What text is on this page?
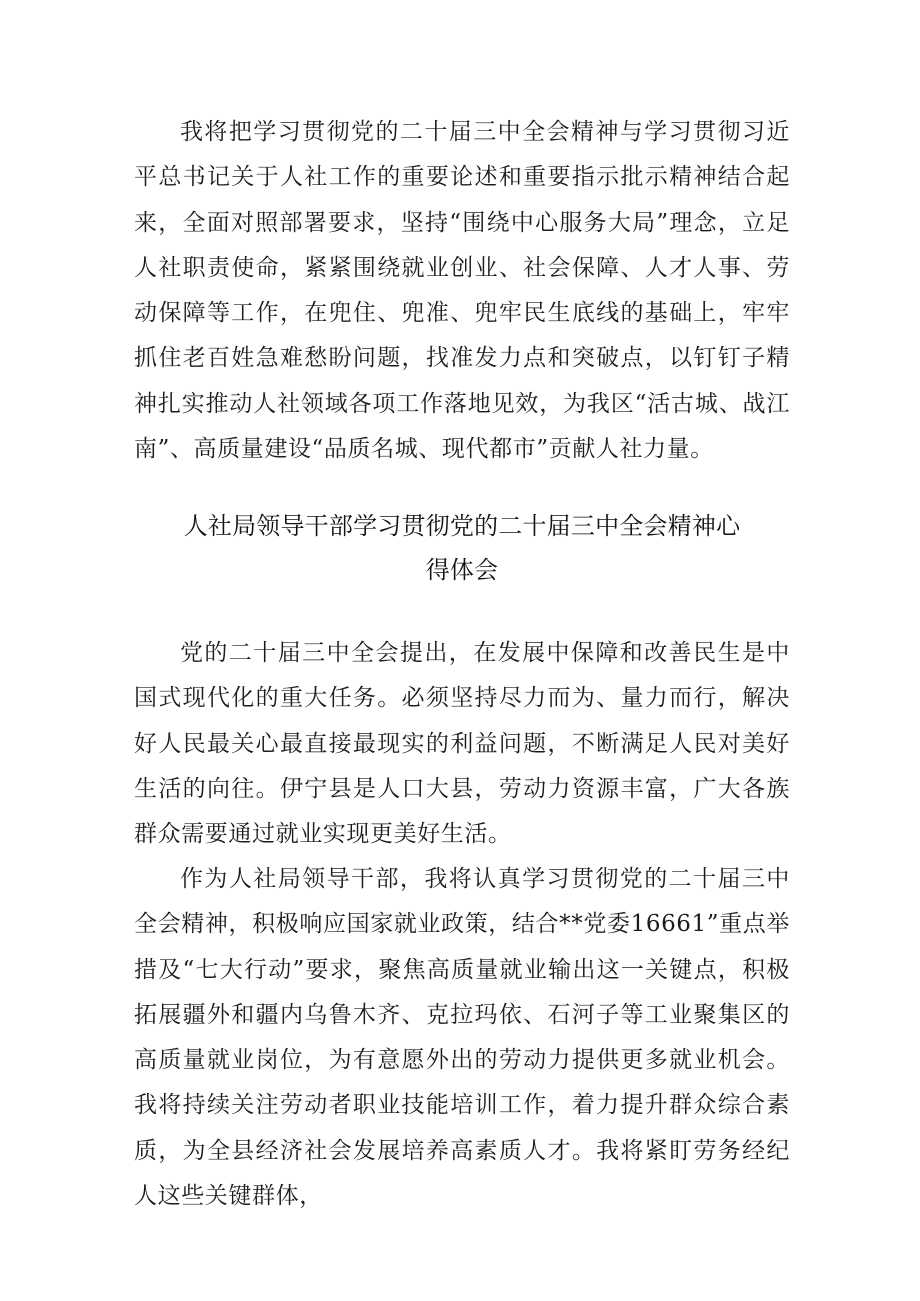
我将把学习贯彻党的二十届三中全会精神与学习贯彻习近平总书记关于人社工作的重要论述和重要指示批示精神结合起来，全面对照部署要求，坚持“围绕中心服务大局”理念，立足人社职责使命，紧紧围绕就业创业、社会保障、人才人事、劳动保障等工作，在兜住、兜准、兜牢民生底线的基础上，牢牢抓住老百姓急难愁盼问题，找准发力点和突破点，以钉钉子精神扎实推动人社领域各项工作落地见效，为我区“活古城、战江南”、高质量建设“品质名城、现代都市”贡献人社力量。

人社局领导干部学习贯彻党的二十届三中全会精神心
得体会

党的二十届三中全会提出，在发展中保障和改善民生是中国式现代化的重大任务。必须坚持尽力而为、量力而行，解决好人民最关心最直接最现实的利益问题，不断满足人民对美好生活的向往。伊宁县是人口大县，劳动力资源丰富，广大各族群众需要通过就业实现更美好生活。

作为人社局领导干部，我将认真学习贯彻党的二十届三中全会精神，积极响应国家就业政策，结合**党委16661”重点举措及“七大行动”要求，聚焦高质量就业输出这一关键点，积极拓展疆外和疆内乌鲁木齐、克拉玛依、石河子等工业聚集区的高质量就业岗位，为有意愿外出的劳动力提供更多就业机会。我将持续关注劳动者职业技能培训工作，着力提升群众综合素质，为全县经济社会发展培养高素质人才。我将紧盯劳务经纪人这些关键群体，
